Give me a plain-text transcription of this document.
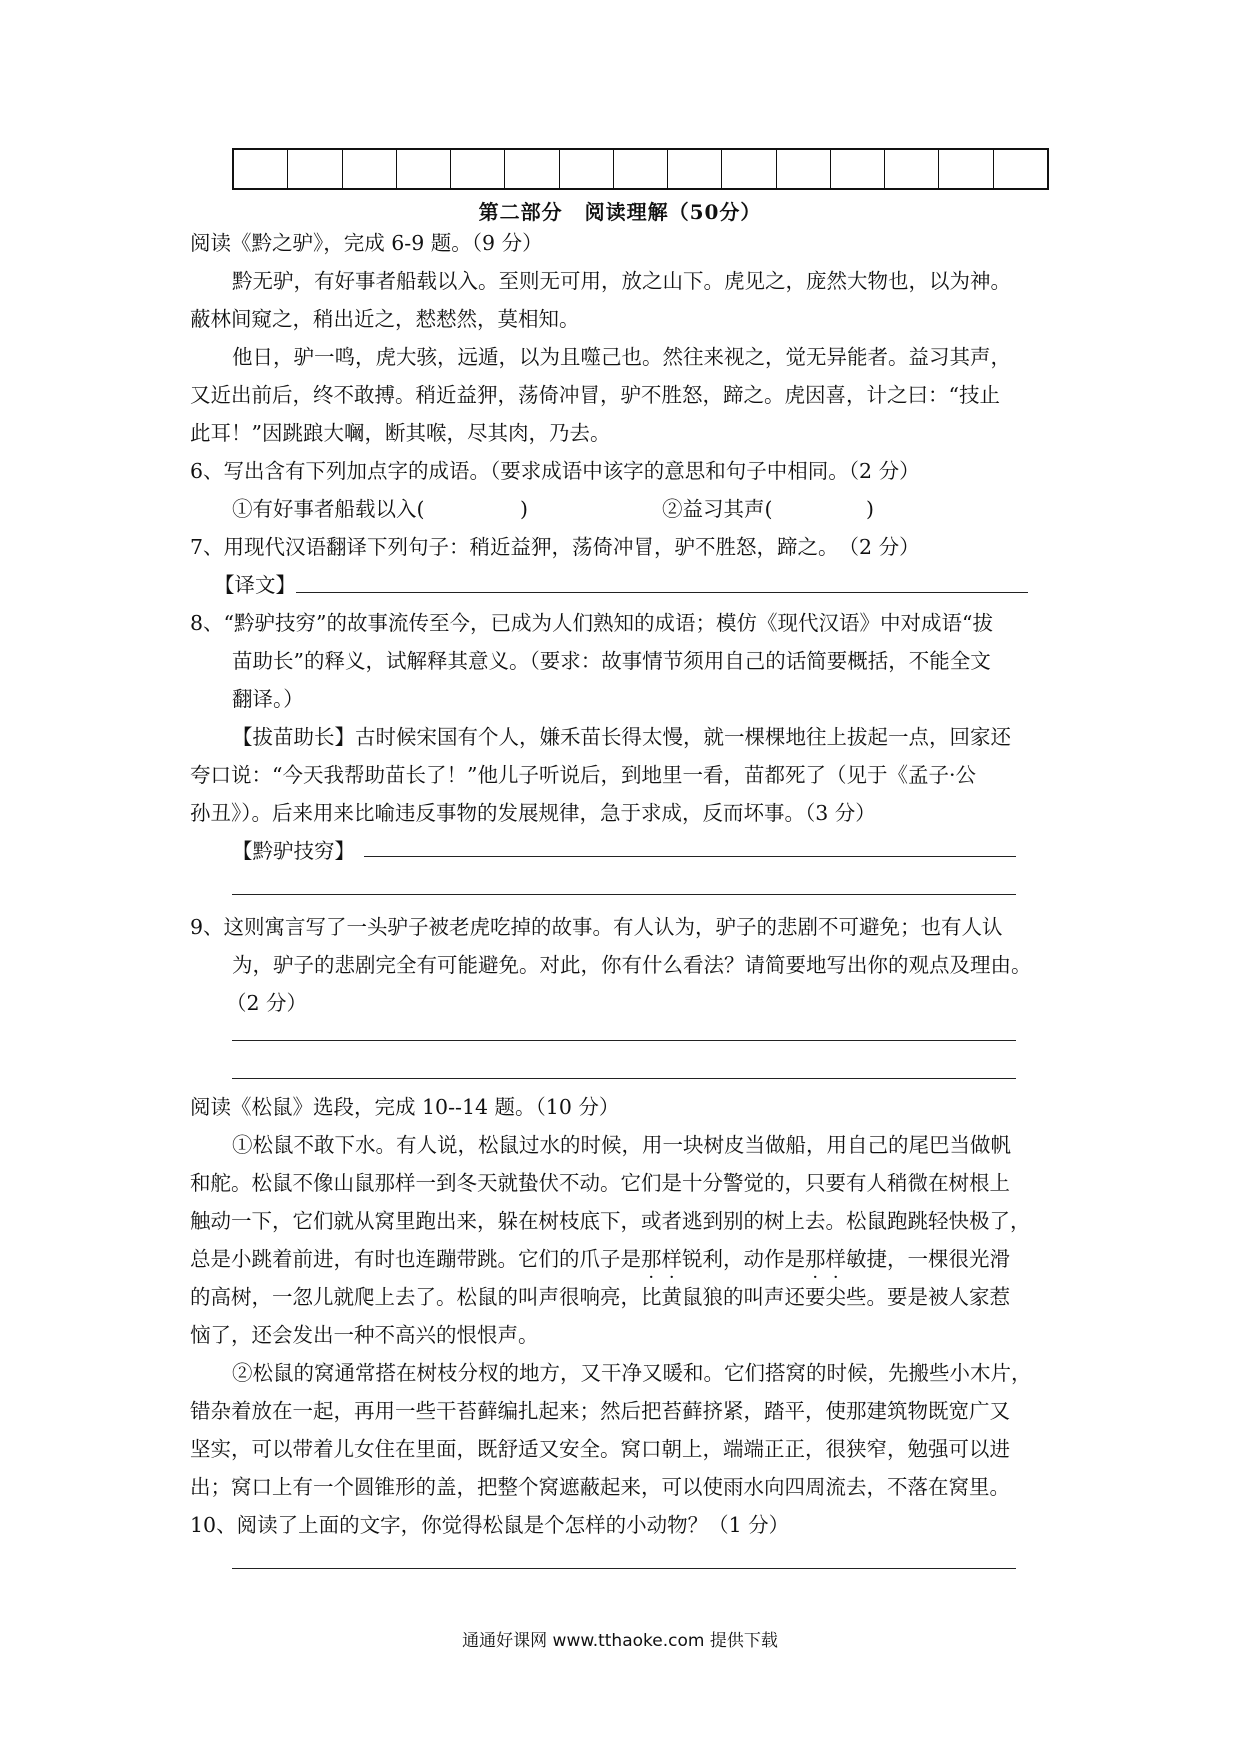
第二部分 阅读理解（50分）
阅读《黔之驴》，完成 6-9 题。（9 分）
黔无驴，有好事者船载以入。至则无可用，放之山下。虎见之，庞然大物也，以为神。
蔽林间窥之，稍出近之，慭慭然，莫相知。
他日，驴一鸣，虎大骇，远遁，以为且噬己也。然往来视之，觉无异能者。益习其声，
又近出前后，终不敢搏。稍近益狎，荡倚冲冒，驴不胜怒，蹄之。虎因喜，计之曰：“技止
此耳！”因跳踉大㘎，断其喉，尽其肉，乃去。
6、写出含有下列加点字的成语。（要求成语中该字的意思和句子中相同。（2 分）
①有好事者船载以入(	)	②益习其声(	)
7、用现代汉语翻译下列句子：稍近益狎，荡倚冲冒，驴不胜怒，蹄之。　（2 分）
【译文】
8、“黔驴技穷”的故事流传至今，已成为人们熟知的成语；模仿《现代汉语》中对成语“拔
苗助长”的释义，试解释其意义。（要求：故事情节须用自己的话简要概括，不能全文
翻译。）
【拔苗助长】古时候宋国有个人，嫌禾苗长得太慢，就一棵棵地往上拔起一点，回家还
夸口说：“今天我帮助苗长了！”他儿子听说后，到地里一看，苗都死了（见于《孟子·公
孙丑》）。后来用来比喻违反事物的发展规律，急于求成，反而坏事。（3 分）
【黔驴技穷】
9、这则寓言写了一头驴子被老虎吃掉的故事。有人认为，驴子的悲剧不可避免；也有人认
为，驴子的悲剧完全有可能避免。对此，你有什么看法？请简要地写出你的观点及理由。
（2 分）
阅读《松鼠》选段，完成 10--14 题。（10 分）
①松鼠不敢下水。有人说，松鼠过水的时候，用一块树皮当做船，用自己的尾巴当做帆
和舵。松鼠不像山鼠那样一到冬天就蛰伏不动。它们是十分警觉的，只要有人稍微在树根上
触动一下，它们就从窝里跑出来，躲在树枝底下，或者逃到别的树上去。松鼠跑跳轻快极了，
总是小跳着前进，有时也连蹦带跳。它们的爪子是那样锐利，动作是那样敏捷，一棵很光滑
的高树，一忽儿就爬上去了。松鼠的叫声很响亮，比黄鼠狼的叫声还要尖些。要是被人家惹
恼了，还会发出一种不高兴的恨恨声。
②松鼠的窝通常搭在树枝分杈的地方，又干净又暖和。它们搭窝的时候，先搬些小木片，
错杂着放在一起，再用一些干苔藓编扎起来；然后把苔藓挤紧，踏平，使那建筑物既宽广又
坚实，可以带着儿女住在里面，既舒适又安全。窝口朝上，端端正正，很狭窄，勉强可以进
出；窝口上有一个圆锥形的盖，把整个窝遮蔽起来，可以使雨水向四周流去，不落在窝里。
10、阅读了上面的文字，你觉得松鼠是个怎样的小动物？（1 分）
通通好课网 www.tthaoke.com 提供下载
